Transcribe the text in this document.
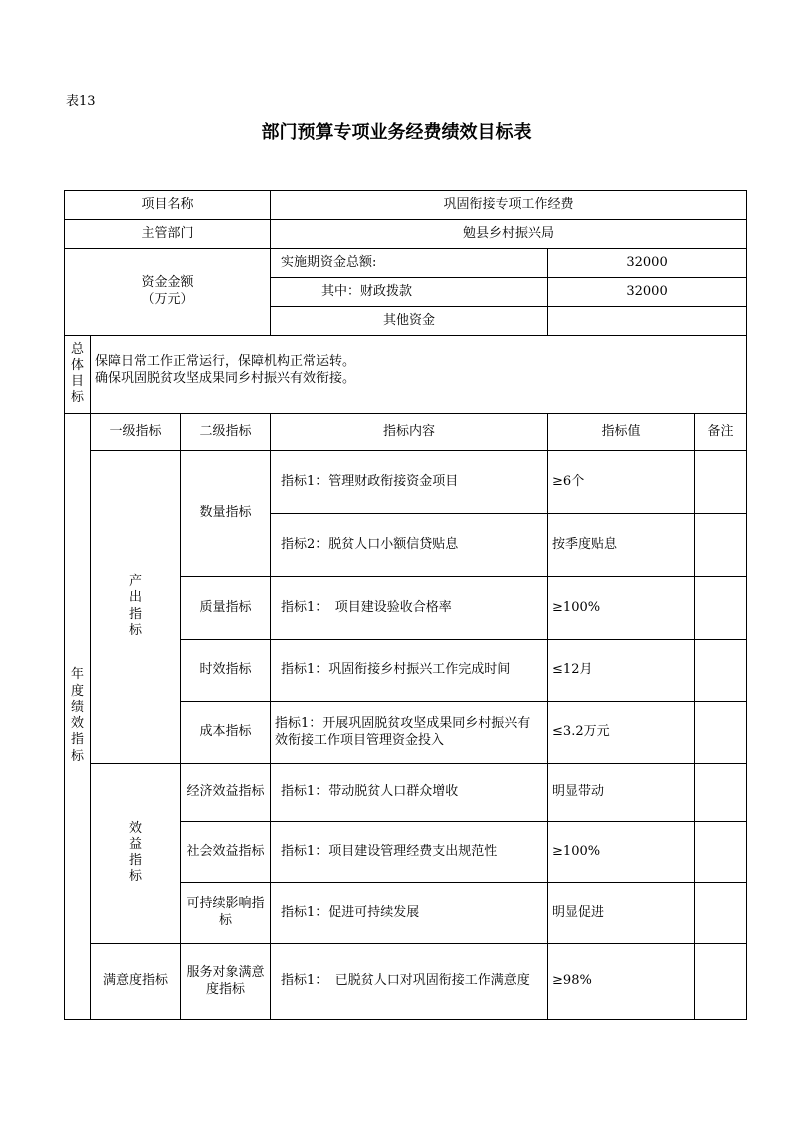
表13
部门预算专项业务经费绩效目标表
项目名称			巩固衔接专项工作经费		
主管部门			勉县乡村振兴局		

资金金额
（万元）			实施期资金总额:	32000	
			其中：财政拨款	32000	
			其他资金		
总体目标	保障日常工作正常运行，保障机构正常运转。
确保巩固脱贫攻坚成果同乡村振兴有效衔接。				

年度绩效指标	一级指标	二级指标	指标内容	指标值	备注
	产出指标	数量指标	指标1：管理财政衔接资金项目	≥6个	
			指标2：脱贫人口小额信贷贴息	按季度贴息	
		质量指标	指标1：　项目建设验收合格率	≥100%	
		时效指标	指标1：巩固衔接乡村振兴工作完成时间	≤12月	
		成本指标	指标1：开展巩固脱贫攻坚成果同乡村振兴有效衔接工作项目管理资金投入	≤3.2万元	
	效益指标	经济效益指标	指标1：带动脱贫人口群众增收	明显带动	
		社会效益指标	指标1：项目建设管理经费支出规范性	≥100%	
		可持续影响指标	指标1：促进可持续发展	明显促进	
	满意度指标	服务对象满意度指标	指标1：　已脱贫人口对巩固衔接工作满意度	≥98%	
